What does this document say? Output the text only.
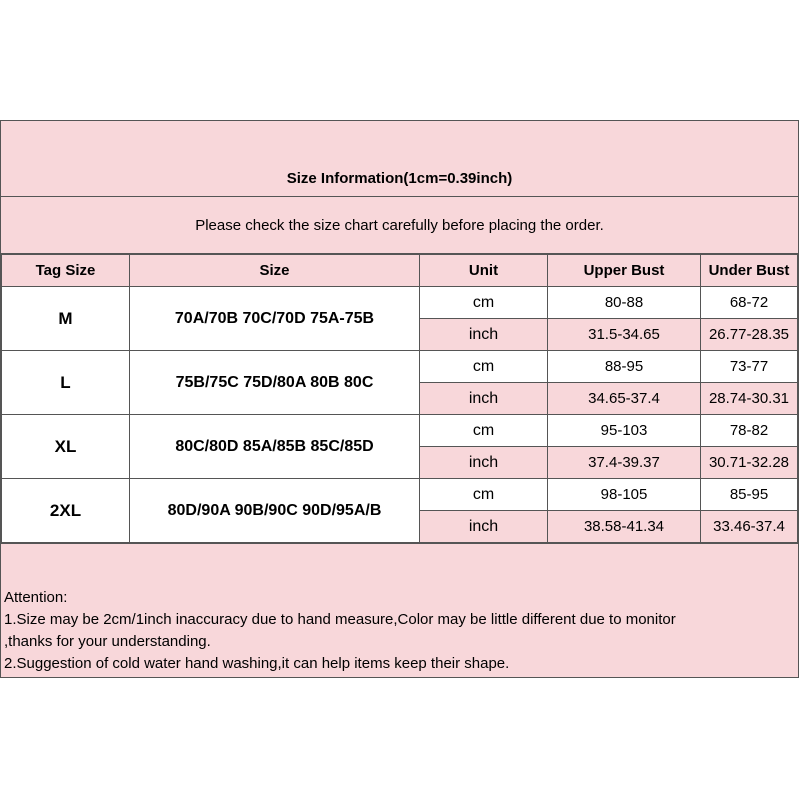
Size Information(1cm=0.39inch)
Please check the size chart carefully before placing the order.
Tag Size	Size	Unit	Upper Bust	Under Bust
M	70A/70B 70C/70D 75A-75B	cm	80-88	68-72
		inch	31.5-34.65	26.77-28.35
L	75B/75C 75D/80A 80B 80C	cm	88-95	73-77
		inch	34.65-37.4	28.74-30.31
XL	80C/80D 85A/85B 85C/85D	cm	95-103	78-82
		inch	37.4-39.37	30.71-32.28
2XL	80D/90A 90B/90C 90D/95A/B	cm	98-105	85-95
		inch	38.58-41.34	33.46-37.4
Attention:
1.Size may be 2cm/1inch inaccuracy due to hand measure,Color may be little different due to monitor
,thanks for your understanding.
2.Suggestion of cold water hand washing,it can help items keep their shape.
